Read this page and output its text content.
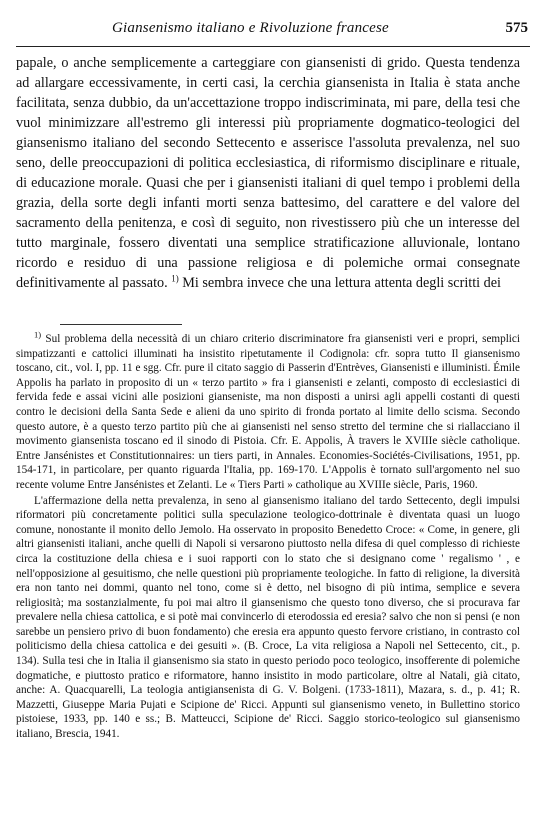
Giansenismo italiano e Rivoluzione francese	575

papale, o anche semplicemente a carteggiare con giansenisti di grido. Questa tendenza ad allargare eccessivamente, in certi casi, la cerchia giansenista in Italia è stata anche facilitata, senza dubbio, da un'accettazione troppo indiscriminata, mi pare, della tesi che vuol minimizzare all'estremo gli interessi più propriamente dogmatico-teologici del giansenismo italiano del secondo Settecento e asserisce l'assoluta prevalenza, nel suo seno, delle preoccupazioni di politica ecclesiastica, di riformismo disciplinare e rituale, di educazione morale. Quasi che per i giansenisti italiani di quel tempo i problemi della grazia, della sorte degli infanti morti senza battesimo, del carattere e del valore del sacramento della penitenza, e così di seguito, non rivestissero più che un interesse del tutto marginale, fossero diventati una semplice stratificazione alluvionale, lontano ricordo e residuo di una passione religiosa e di polemiche ormai consegnate definitivamente al passato. $^{1)}$ Mi sembra invece che una lettura attenta degli scritti dei

$^{1)}$ Sul problema della necessità di un chiaro criterio discriminatore fra giansenisti veri e propri, semplici simpatizzanti e cattolici illuminati ha insistito ripetutamente il Codignola: cfr. sopra tutto Il giansenismo toscano, cit., vol. I, pp. 11 e sgg. Cfr. pure il citato saggio di Passerin d'Entrèves, Giansenisti e illuministi. Émile Appolis ha parlato in proposito di un « terzo partito » fra i giansenisti e zelanti, composto di ecclesiastici di fervida fede e assai vicini alle posizioni giansenistе, ma non disposti a unirsi agli appelli costanti di questi contro le decisioni della Santa Sede e alieni da uno spirito di fronda portato al limite dello scisma. Secondo questo autore, è a questo terzo partito più che ai giansenisti nel senso stretto del termine che si riallacciano il movimento giansenista toscano ed il sinodo di Pistoia. Cfr. E. Appolis, À travers le XVIIIe siècle catholique. Entre Jansénistes et Constitutionnaires: un tiers parti, in Annales. Economies-Sociétés-Civilisations, 1951, pp. 154-171, in particolare, per quanto riguarda l'Italia, pp. 169-170. L'Appolis è tornato sull'argomento nel suo recente volume Entre Jansénistes et Zelanti. Le « Tiers Parti » catholique au XVIIIe siècle, Paris, 1960.

L'affermazione della netta prevalenza, in seno al giansenismo italiano del tardo Settecento, degli impulsi riformatori più concretamente politici sulla speculazione teologico-dottrinale è diventata quasi un luogo comune, nonostante il monito dello Jemolo. Ha osservato in proposito Benedetto Croce: « Come, in genere, gli altri giansenisti italiani, anche quelli di Napoli si versarono piuttosto nella difesa di quel complesso di richieste circa la costituzione della chiesa e i suoi rapporti con lo stato che si designano come ' regalismo ' , e nell'opposizione al gesuitismo, che nelle questioni più propriamente teologiche. In fatto di religione, la diversità era non tanto nei dommi, quanto nel tono, come si è detto, nel bisogno di più intima, semplice e severa religiosità; ma sostanzialmente, fu poi mai altro il giansenismo che questo tono diverso, che si procurava far prevalere nella chiesa cattolica, e si potè mai convincerlo di eterodossia ed eresia? salvo che non si pensi (e non sarebbe un pensiero privo di buon fondamento) che eresia era appunto questo fervore cristiano, in contrasto col politicismo della chiesa cattolica e dei gesuiti ». (B. Croce, La vita religiosa a Napoli nel Settecento, cit., p. 134). Sulla tesi che in Italia il giansenismo sia stato in questo periodo poco teologico, insofferente di polemiche dogmatiche, e piuttosto pratico e riformatore, hanno insistito in modo particolare, oltre al Natali, già citato, anche: A. Quacquarelli, La teologia antigiansenista di G. V. Bolgeni. (1733-1811), Mazara, s. d., p. 41; R. Mazzetti, Giuseppe Maria Pujati e Scipione de' Ricci. Appunti sul giansenismo veneto, in Bullettino storico pistoiese, 1933, pp. 140 e ss.; B. Matteucci, Scipione de' Ricci. Saggio storico-teologico sul giansenismo italiano, Brescia, 1941.
